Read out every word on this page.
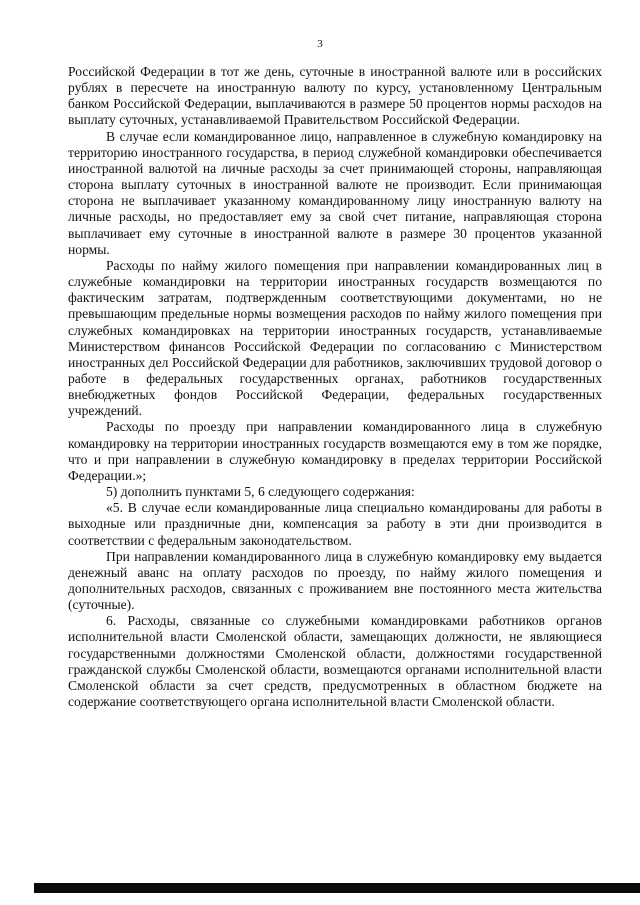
3

Российской Федерации в тот же день, суточные в иностранной валюте или в российских рублях в пересчете на иностранную валюту по курсу, установленному Центральным банком Российской Федерации, выплачиваются в размере 50 процентов нормы расходов на выплату суточных, устанавливаемой Правительством Российской Федерации.

В случае если командированное лицо, направленное в служебную командировку на территорию иностранного государства, в период служебной командировки обеспечивается иностранной валютой на личные расходы за счет принимающей стороны, направляющая сторона выплату суточных в иностранной валюте не производит. Если принимающая сторона не выплачивает указанному командированному лицу иностранную валюту на личные расходы, но предоставляет ему за свой счет питание, направляющая сторона выплачивает ему суточные в иностранной валюте в размере 30 процентов указанной нормы.

Расходы по найму жилого помещения при направлении командированных лиц в служебные командировки на территории иностранных государств возмещаются по фактическим затратам, подтвержденным соответствующими документами, но не превышающим предельные нормы возмещения расходов по найму жилого помещения при служебных командировках на территории иностранных государств, устанавливаемые Министерством финансов Российской Федерации по согласованию с Министерством иностранных дел Российской Федерации для работников, заключивших трудовой договор о работе в федеральных государственных органах, работников государственных внебюджетных фондов Российской Федерации, федеральных государственных учреждений.

Расходы по проезду при направлении командированного лица в служебную командировку на территории иностранных государств возмещаются ему в том же порядке, что и при направлении в служебную командировку в пределах территории Российской Федерации.»;

5) дополнить пунктами 5, 6 следующего содержания:

«5. В случае если командированные лица специально командированы для работы в выходные или праздничные дни, компенсация за работу в эти дни производится в соответствии с федеральным законодательством.

При направлении командированного лица в служебную командировку ему выдается денежный аванс на оплату расходов по проезду, по найму жилого помещения и дополнительных расходов, связанных с проживанием вне постоянного места жительства (суточные).

6. Расходы, связанные со служебными командировками работников органов исполнительной власти Смоленской области, замещающих должности, не являющиеся государственными должностями Смоленской области, должностями государственной гражданской службы Смоленской области, возмещаются органами исполнительной власти Смоленской области за счет средств, предусмотренных в областном бюджете на содержание соответствующего органа исполнительной власти Смоленской области.
